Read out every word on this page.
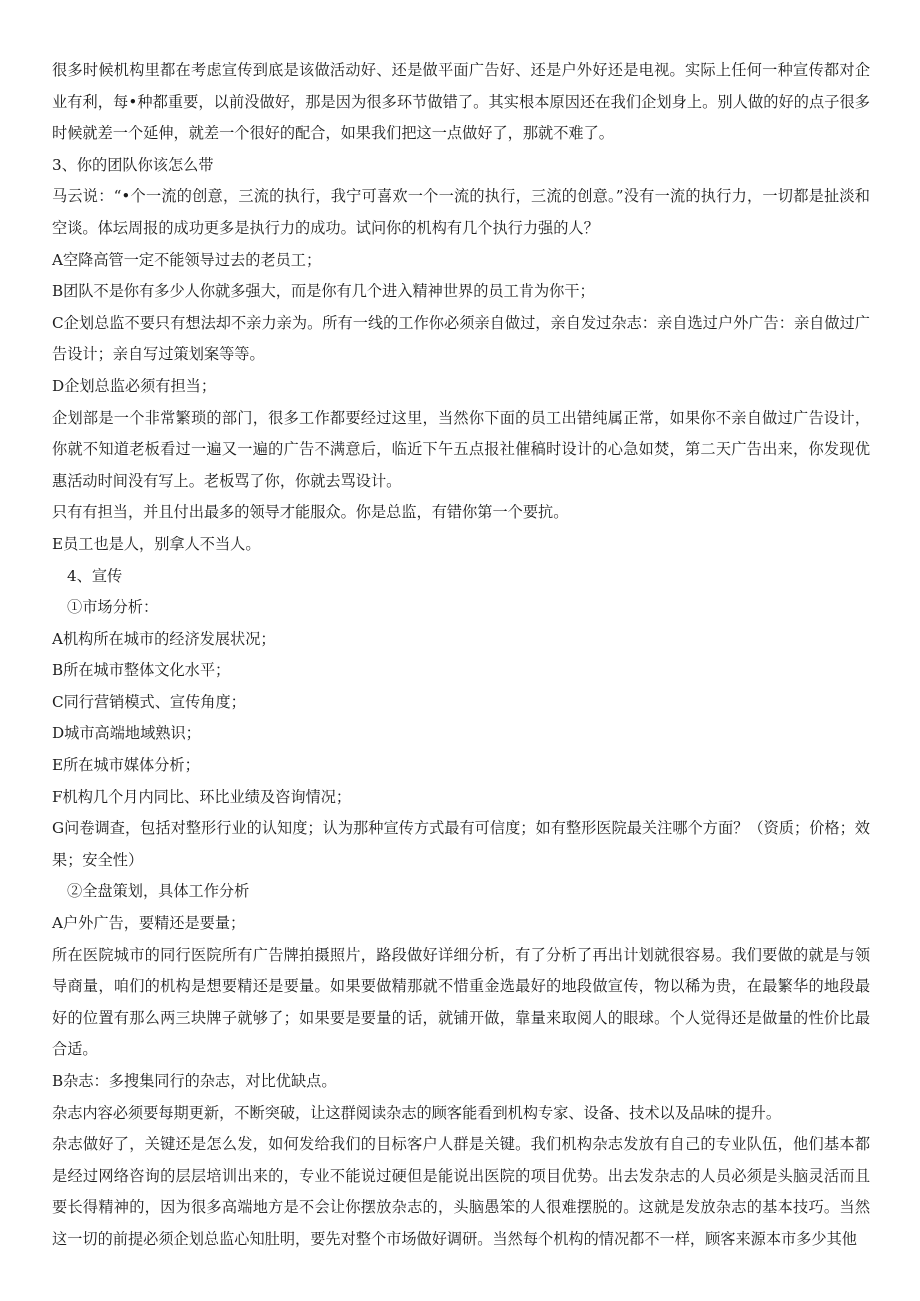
很多时候机构里都在考虑宣传到底是该做活动好、还是做平面广告好、还是户外好还是电视。实际上任何一种宣传都对企业有利，每•种都重要，以前没做好，那是因为很多环节做错了。其实根本原因还在我们企划身上。别人做的好的点子很多时候就差一个延伸，就差一个很好的配合，如果我们把这一点做好了，那就不难了。

3、你的团队你该怎么带

马云说：“•个一流的创意，三流的执行，我宁可喜欢一个一流的执行，三流的创意。”没有一流的执行力，一切都是扯淡和空谈。体坛周报的成功更多是执行力的成功。试问你的机构有几个执行力强的人？

A空降高管一定不能领导过去的老员工；

B团队不是你有多少人你就多强大，而是你有几个进入精神世界的员工肯为你干；

C企划总监不要只有想法却不亲力亲为。所有一线的工作你必须亲自做过，亲自发过杂志：亲自选过户外广告：亲自做过广告设计；亲自写过策划案等等。

D企划总监必须有担当；

企划部是一个非常繁琐的部门，很多工作都要经过这里，当然你下面的员工出错纯属正常，如果你不亲自做过广告设计，你就不知道老板看过一遍又一遍的广告不满意后，临近下午五点报社催稿时设计的心急如焚，第二天广告出来，你发现优惠活动时间没有写上。老板骂了你，你就去骂设计。

只有有担当，并且付出最多的领导才能服众。你是总监，有错你第一个要抗。

E员工也是人，别拿人不当人。

4、宣传

①市场分析：

A机构所在城市的经济发展状况；

B所在城市整体文化水平；

C同行营销模式、宣传角度；

D城市高端地域熟识；

E所在城市媒体分析；

F机构几个月内同比、环比业绩及咨询情况；

G问卷调查，包括对整形行业的认知度；认为那种宣传方式最有可信度；如有整形医院最关注哪个方面？（资质；价格；效果；安全性）

②全盘策划，具体工作分析

A户外广告，要精还是要量；

所在医院城市的同行医院所有广告牌拍摄照片，路段做好详细分析，有了分析了再出计划就很容易。我们要做的就是与领导商量，咱们的机构是想要精还是要量。如果要做精那就不惜重金选最好的地段做宣传，物以稀为贵，在最繁华的地段最好的位置有那么两三块牌子就够了；如果要是要量的话，就铺开做，靠量来取阅人的眼球。个人觉得还是做量的性价比最合适。

B杂志：多搜集同行的杂志，对比优缺点。

杂志内容必须要每期更新，不断突破，让这群阅读杂志的顾客能看到机构专家、设备、技术以及品味的提升。

杂志做好了，关键还是怎么发，如何发给我们的目标客户人群是关键。我们机构杂志发放有自己的专业队伍，他们基本都是经过网络咨询的层层培训出来的，专业不能说过硬但是能说出医院的项目优势。出去发杂志的人员必须是头脑灵活而且要长得精神的，因为很多高端地方是不会让你摆放杂志的，头脑愚笨的人很难摆脱的。这就是发放杂志的基本技巧。当然这一切的前提必须企划总监心知肚明，要先对整个市场做好调研。当然每个机构的情况都不一样，顾客来源本市多少其他
